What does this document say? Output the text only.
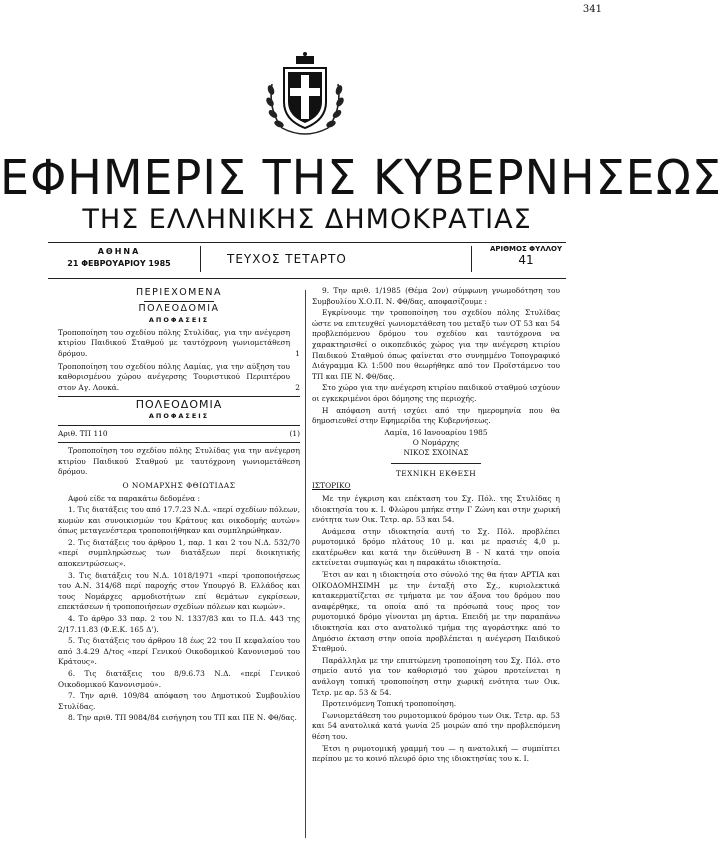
341
ΕΦΗΜΕΡΙΣ ΤΗΣ ΚΥΒΕΡΝΗΣΕΩΣ
ΤΗΣ ΕΛΛΗΝΙΚΗΣ ΔΗΜΟΚΡΑΤΙΑΣ
ΑΘΗΝΑ
21 ΦΕΒΡΟΥΑΡΙΟΥ 1985	ΤΕΥΧΟΣ ΤΕΤΑΡΤΟ
ΑΡΙΘΜΟΣ ΦΥΛΛΟΥ
41
ΠΕΡΙΕΧΟΜΕΝΑ
ΠΟΛΕΟΔΟΜΙΑ
ΑΠΟΦΑΣΕΙΣ
Τροποποίηση του σχεδίου πόλης Στυλίδας, για την ανέγερση κτιρίου Παιδικού Σταθμού με ταυτόχρονη γωνιομετάθεση δρόμου.	1
Τροποποίηση του σχεδίου πόλης Λαμίας, για την αύξηση του καθορισμένου χώρου ανέγερσης Τουριστικού Περιπτέρου στον Αγ. Λουκά.	2
ΠΟΛΕΟΔΟΜΙΑ
ΑΠΟΦΑΣΕΙΣ
Αριθ. ΤΠ 110	(1)

Τροποποίηση του σχεδίου πόλης Στυλίδας για την ανέγερση κτιρίου Παιδικού Σταθμού με ταυτόχρονη γωνιομετάθεση δρόμου.

Ο ΝΟΜΑΡΧΗΣ ΦΘΙΩΤΙΔΑΣ

Αφού είδε τα παρακάτω δεδομένα :

1. Τις διατάξεις του από 17.7.23 Ν.Δ. «περί σχεδίων πόλεων, κωμών και συνοικισμών του Κράτους και οικοδομής αυτών» όπως μεταγενέστερα τροποποιήθηκαν και συμπληρώθηκαν.

2. Τις διατάξεις του άρθρου 1, παρ. 1 και 2 του Ν.Δ. 532/70 «περί συμπληρώσεως των διατάξεων περί διοικητικής αποκεντρώσεως».

3. Τις διατάξεις του Ν.Δ. 1018/1971 «περί τροποποιήσεως του Α.Ν. 314/68 περί παροχής στον Υπουργό Β. Ελλάδος και τους Νομάρχες αρμοδιοτήτων επί θεμάτων εγκρίσεων, επεκτάσεων ή τροποποιήσεων σχεδίων πόλεων και κωμών».

4. Το άρθρο 33 παρ. 2 του Ν. 1337/83 και το Π.Δ. 443 της 2/17.11.83 (Φ.Ε.Κ. 165 Δ').

5. Τις διατάξεις του άρθρου 18 έως 22 του II κεφαλαίου του από 3.4.29 Δ/τος «περί Γενικού Οικοδομικού Κανονισμού του Κράτους».

6. Τις διατάξεις του 8/9.6.73 Ν.Δ. «περί Γενικού Οικοδομικού Κανονισμού».

7. Την αριθ. 109/84 απόφαση του Δημοτικού Συμβουλίου Στυλίδας.

8. Την αριθ. ΤΠ 9084/84 εισήγηση του ΤΠ και ΠΕ Ν. Φθ/δας.

9. Την αριθ. 1/1985 (Θέμα 2ον) σύμφωνη γνωμοδότηση του Συμβουλίου Χ.Ο.Π. Ν. Φθ/δας, αποφασίζουμε :

Εγκρίνουμε την τροποποίηση του σχεδίου πόλης Στυλίδας ώστε να επιτευχθεί γωνιομετάθεση του μεταξύ των ΟΤ 53 και 54 προβλεπόμενου δρόμου του σχεδίου και ταυτόχρονα να χαρακτηρισθεί ο οικοπεδικός χώρος για την ανέγερση κτιρίου Παιδικού Σταθμού όπως φαίνεται στο συνημμένο Τοπογραφικό Διάγραμμα Κλ 1:500 που θεωρήθηκε από τον Προϊστάμενο του ΤΠ και ΠΕ Ν. Φθ/δας.

Στο χώρο για την ανέγερση κτιρίου παιδικού σταθμού ισχύουν οι εγκεκριμένοι όροι δόμησης της περιοχής.

Η απόφαση αυτή ισχύει από την ημερομηνία που θα δημοσιευθεί στην Εφημερίδα της Κυβερνήσεως.

Λαμία, 16 Ιανουαρίου 1985
Ο Νομάρχης
ΝΙΚΟΣ ΣΧΟΙΝΑΣ
ΤΕΧΝΙΚΗ ΕΚΘΕΣΗ
ΙΣΤΟΡΙΚΟ

Με την έγκριση και επέκταση του Σχ. Πόλ. της Στυλίδας η ιδιοκτησία του κ. Ι. Φλώρου μπήκε στην Γ Ζώνη και στην χωρική ενότητα των Οικ. Τετρ. αρ. 53 και 54.

Ανάμεσα στην ιδιοκτησία αυτή το Σχ. Πόλ. προβλέπει ρυμοτομικό δρόμο πλάτους 10 μ. και με πρασιές 4,0 μ. εκατέρωθεν και κατά την διεύθυνση Β - Ν κατά την οποία εκτείνεται συμπαγώς και η παρακάτω ιδιοκτησία.

Έτσι αν και η ιδιοκτησία στο σύνολό της θα ήταν ΑΡΤΙΑ και ΟΙΚΟΔΟΜΗΣΙΜΗ με την ένταξή στο Σχ., κυριολεκτικά κατακερματίζεται σε τμήματα με τον άξονα του δρόμου που αναφέρθηκε, τα οποία από τα πρόσωπά τους προς τον ρυμοτομικό δρόμο γίνονται μη άρτια. Επειδή με την παραπάνω ιδιοκτησία και στο ανατολικό τμήμα της αγοράστηκε από το Δημόσιο έκταση στην οποία προβλέπεται η ανέγερση Παιδικού Σταθμού.

Παράλληλα με την επιπτώμενη τροποποίηση του Σχ. Πόλ. στο σημείο αυτό για τον καθορισμό του χώρου προτείνεται η ανάλογη τοπική τροποποίηση στην χωρική ενότητα των Οικ. Τετρ. με αρ. 53 & 54.

Προτεινόμενη Τοπική τροποποίηση.

Γωνιομετάθεση του ρυμοτομικού δρόμου των Οικ. Τετρ. αρ. 53 και 54 ανατολικά κατά γωνία 25 μοιρών από την προβλεπόμενη θέση του.

Έτσι η ρυμοτομική γραμμή του — η ανατολική — συμπίπτει περίπου με το κοινό πλευρό όριο της ιδιοκτησίας του κ. Ι.
